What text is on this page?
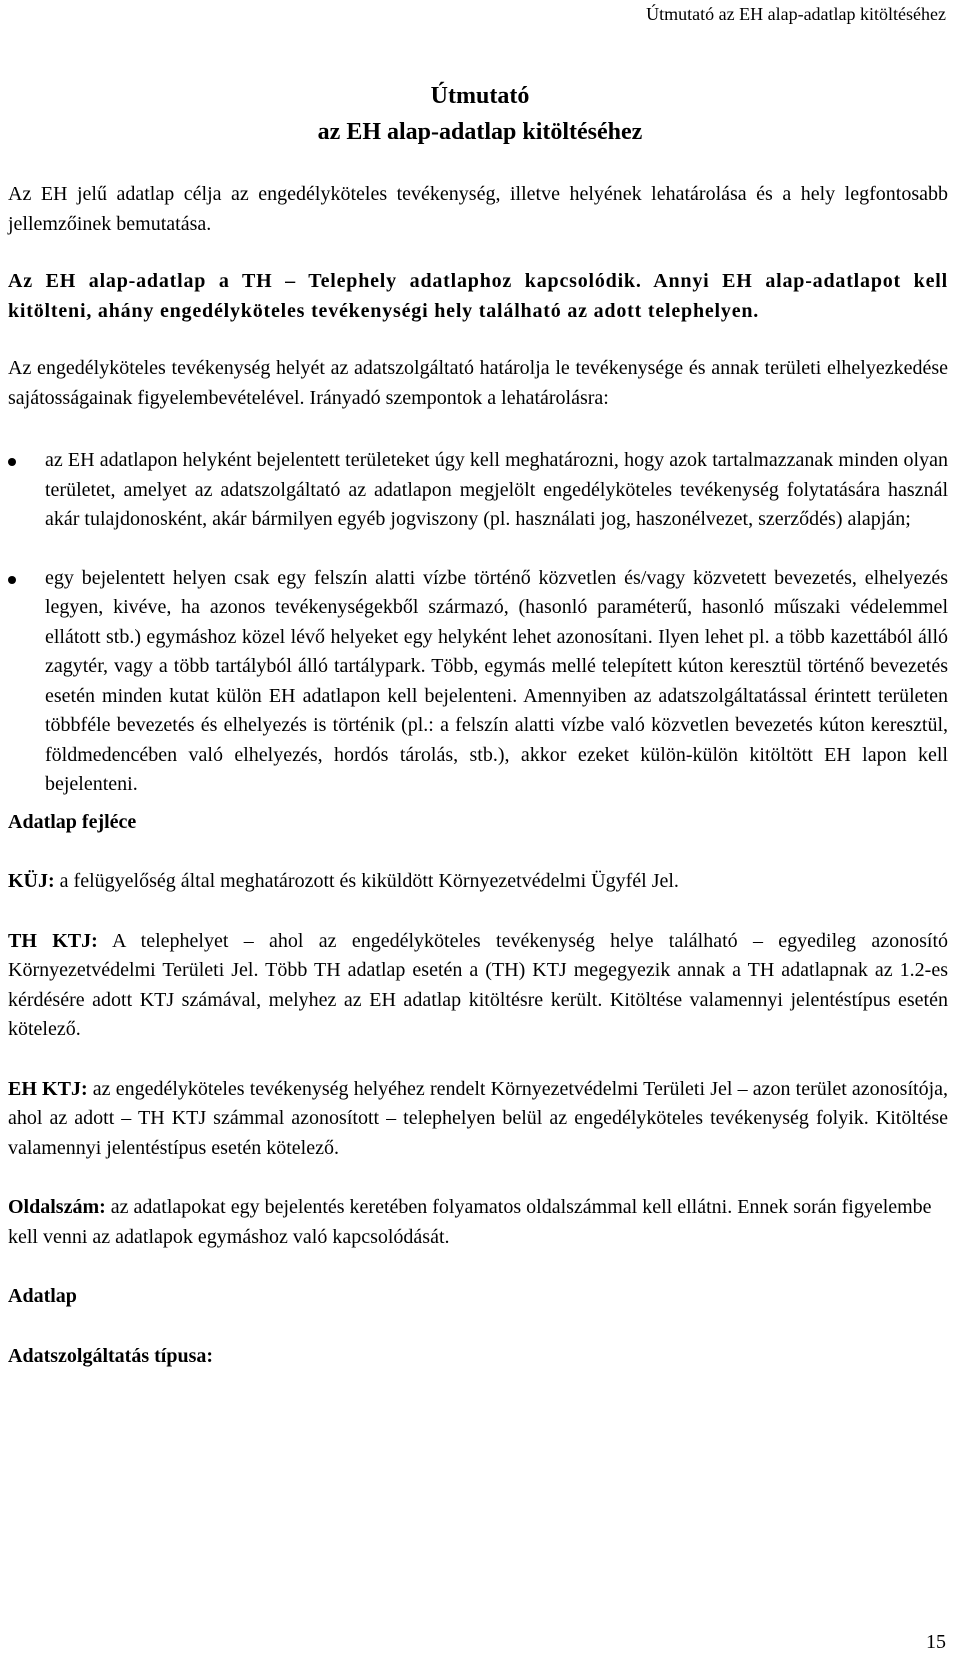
Útmutató az EH alap-adatlap kitöltéséhez

Útmutató

az EH alap-adatlap kitöltéséhez

Az EH jelű adatlap célja az engedélyköteles tevékenység, illetve helyének lehatárolása és a hely legfontosabb jellemzőinek bemutatása.

Az EH alap-adatlap a TH – Telephely adatlaphoz kapcsolódik. Annyi EH alap-adatlapot kell kitölteni, ahány engedélyköteles tevékenységi hely található az adott telephelyen.

Az engedélyköteles tevékenység helyét az adatszolgáltató határolja le tevékenysége és annak területi elhelyezkedése sajátosságainak figyelembevételével. Irányadó szempontok a lehatárolásra:

az EH adatlapon helyként bejelentett területeket úgy kell meghatározni, hogy azok tartalmazzanak minden olyan területet, amelyet az adatszolgáltató az adatlapon megjelölt engedélyköteles tevékenység folytatására használ akár tulajdonosként, akár bármilyen egyéb jogviszony (pl. használati jog, haszonélvezet, szerződés) alapján;
egy bejelentett helyen csak egy felszín alatti vízbe történő közvetlen és/vagy közvetett bevezetés, elhelyezés legyen, kivéve, ha azonos tevékenységekből származó, (hasonló paraméterű, hasonló műszaki védelemmel ellátott stb.) egymáshoz közel lévő helyeket egy helyként lehet azonosítani. Ilyen lehet pl. a több kazettából álló zagytér, vagy a több tartályból álló tartálypark. Több, egymás mellé telepített kúton keresztül történő bevezetés esetén minden kutat külön EH adatlapon kell bejelenteni. Amennyiben az adatszolgáltatással érintett területen többféle bevezetés és elhelyezés is történik (pl.: a felszín alatti vízbe való közvetlen bevezetés kúton keresztül, földmedencében való elhelyezés, hordós tárolás, stb.), akkor ezeket külön-külön kitöltött EH lapon kell bejelenteni.

Adatlap fejléce

KÜJ: a felügyelőség által meghatározott és kiküldött Környezetvédelmi Ügyfél Jel.

TH KTJ: A telephelyet – ahol az engedélyköteles tevékenység helye található – egyedileg azonosító Környezetvédelmi Területi Jel. Több TH adatlap esetén a (TH) KTJ megegyezik annak a TH adatlapnak az 1.2-es kérdésére adott KTJ számával, melyhez az EH adatlap kitöltésre került. Kitöltése valamennyi jelentéstípus esetén kötelező.

EH KTJ: az engedélyköteles tevékenység helyéhez rendelt Környezetvédelmi Területi Jel – azon terület azonosítója, ahol az adott – TH KTJ számmal azonosított – telephelyen belül az engedélyköteles tevékenység folyik. Kitöltése valamennyi jelentéstípus esetén kötelező.

Oldalszám: az adatlapokat egy bejelentés keretében folyamatos oldalszámmal kell ellátni. Ennek során figyelembe kell venni az adatlapok egymáshoz való kapcsolódását.

Adatlap

Adatszolgáltatás típusa:

15
